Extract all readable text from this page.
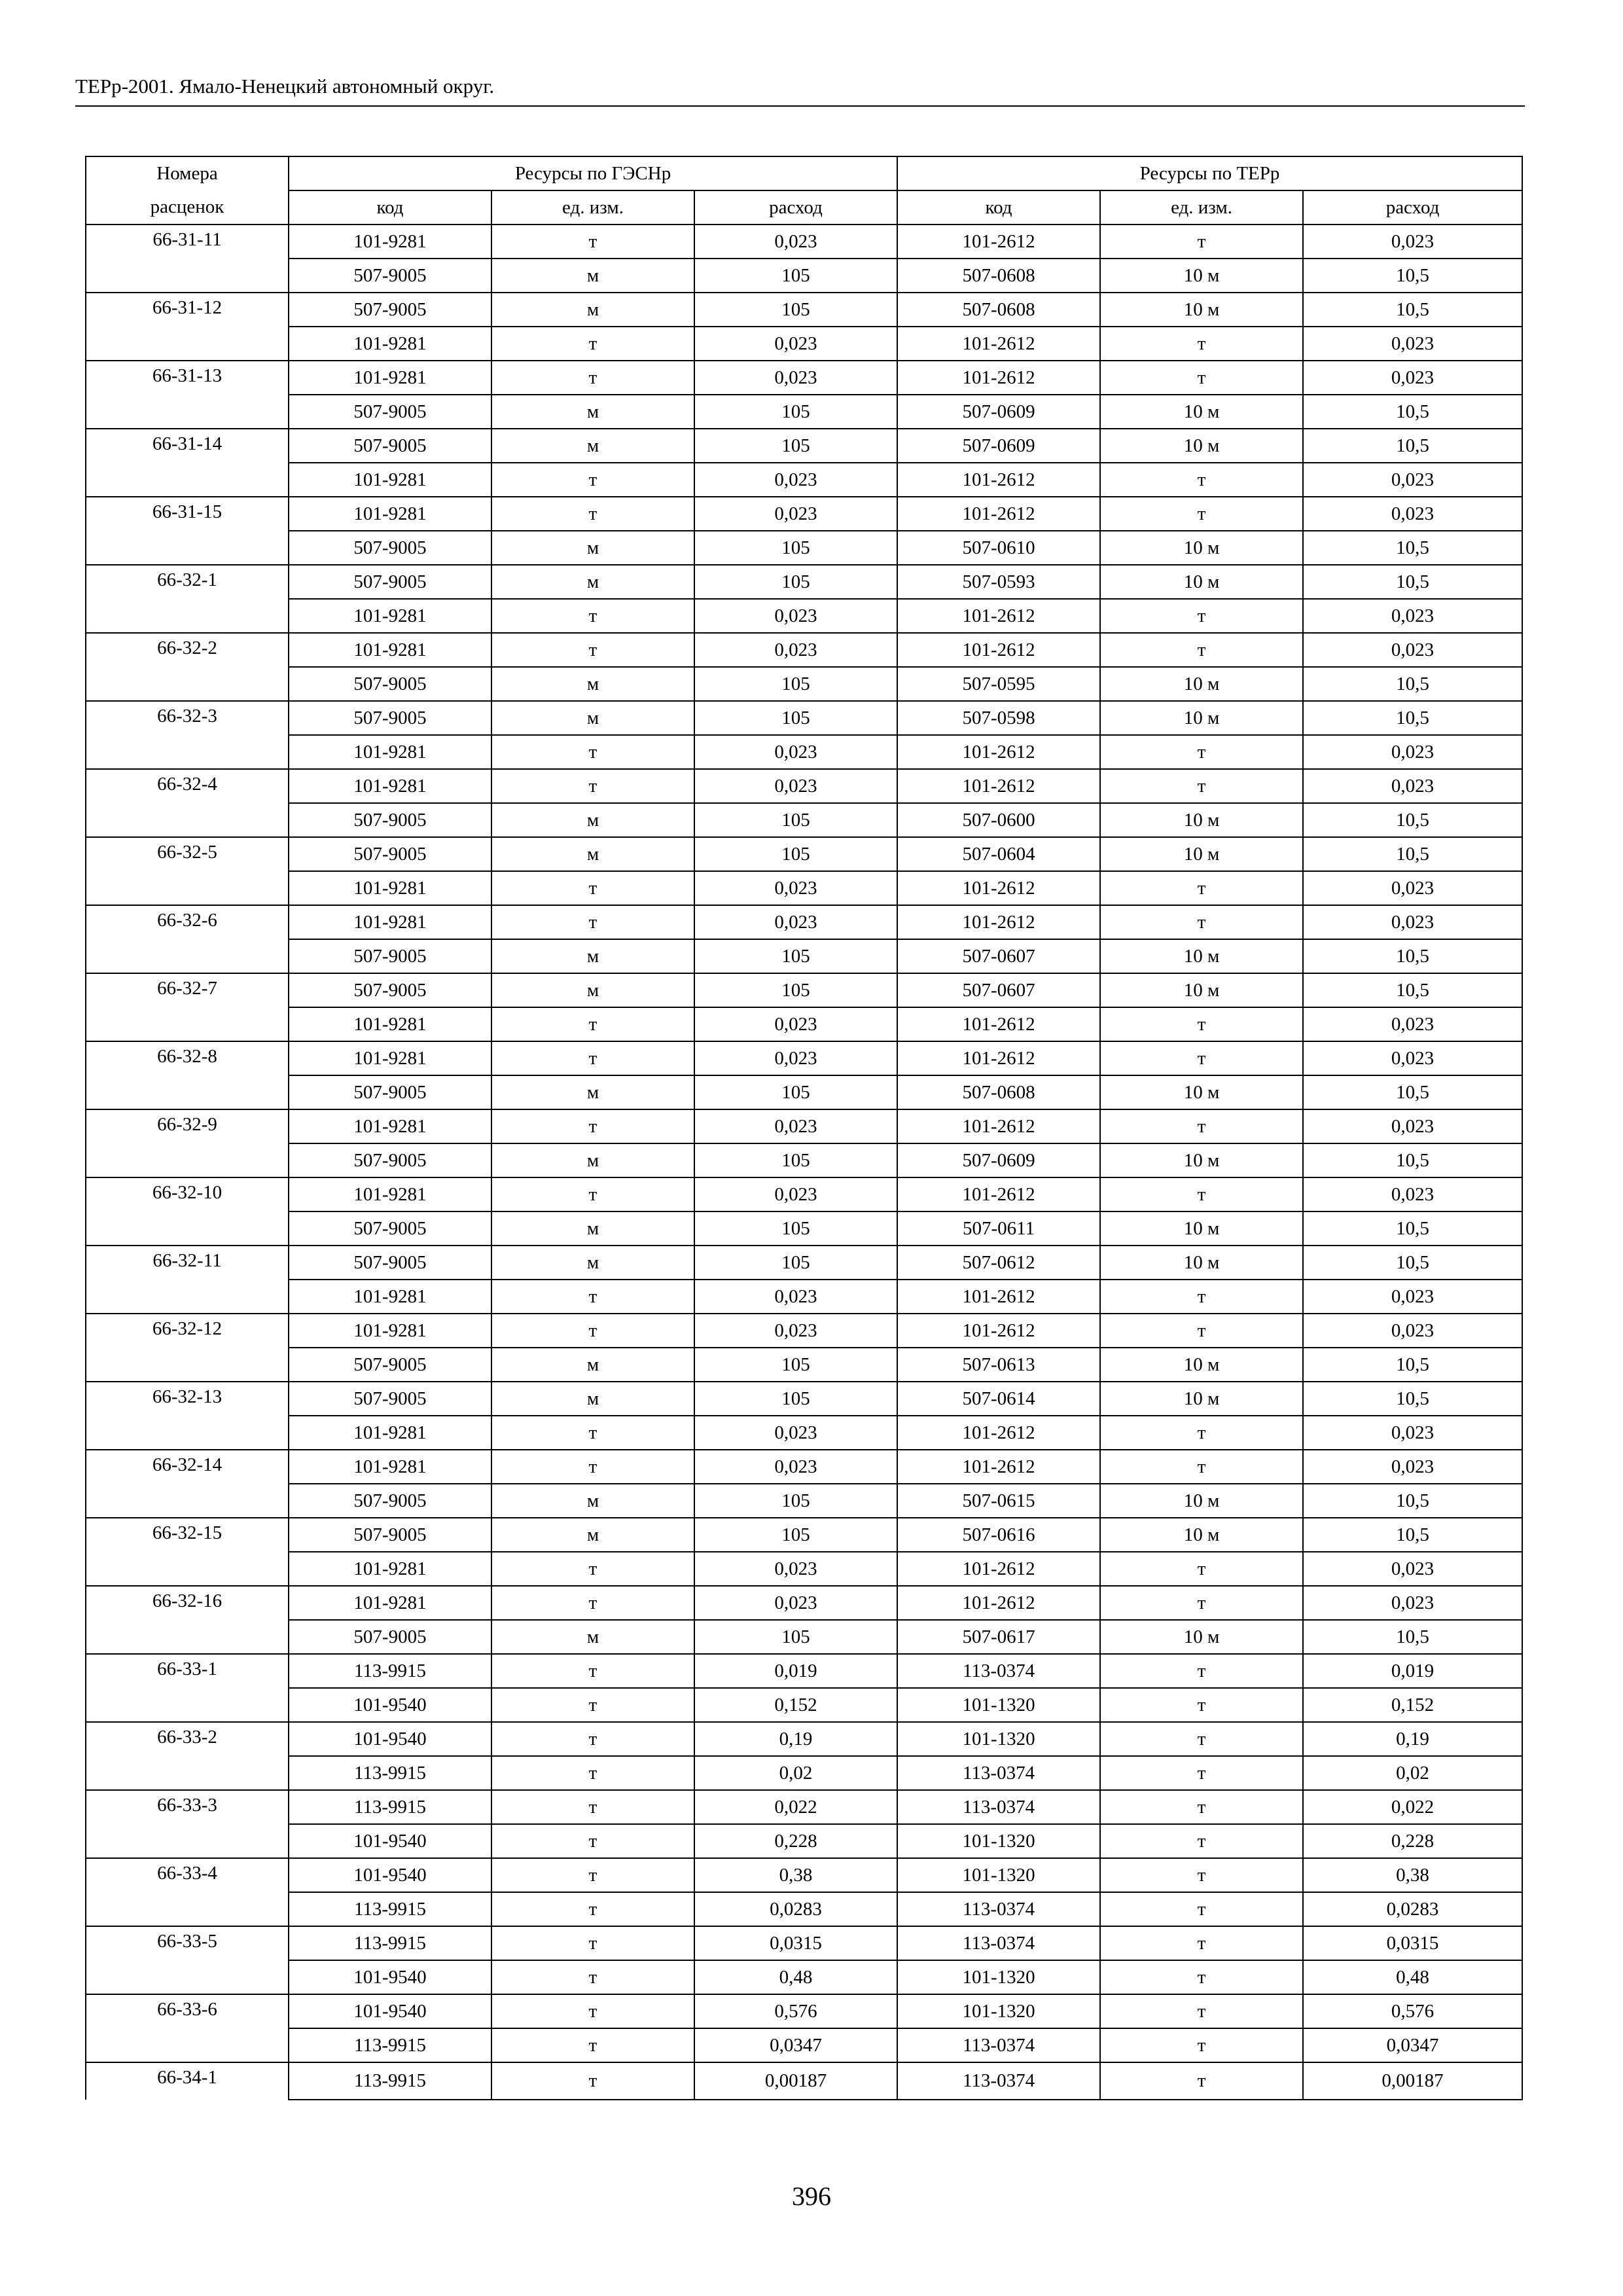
ТЕРр-2001. Ямало-Ненецкий автономный округ.
Номера	Ресурсы по ГЭСНр			Ресурсы по ТЕРр		
расценок	код	ед. изм.	расход	код	ед. изм.	расход
66-31-11	101-9281	т	0,023	101-2612	т	0,023
	507-9005	м	105	507-0608	10 м	10,5
66-31-12	507-9005	м	105	507-0608	10 м	10,5
	101-9281	т	0,023	101-2612	т	0,023
66-31-13	101-9281	т	0,023	101-2612	т	0,023
	507-9005	м	105	507-0609	10 м	10,5
66-31-14	507-9005	м	105	507-0609	10 м	10,5
	101-9281	т	0,023	101-2612	т	0,023
66-31-15	101-9281	т	0,023	101-2612	т	0,023
	507-9005	м	105	507-0610	10 м	10,5
66-32-1	507-9005	м	105	507-0593	10 м	10,5
	101-9281	т	0,023	101-2612	т	0,023
66-32-2	101-9281	т	0,023	101-2612	т	0,023
	507-9005	м	105	507-0595	10 м	10,5
66-32-3	507-9005	м	105	507-0598	10 м	10,5
	101-9281	т	0,023	101-2612	т	0,023
66-32-4	101-9281	т	0,023	101-2612	т	0,023
	507-9005	м	105	507-0600	10 м	10,5
66-32-5	507-9005	м	105	507-0604	10 м	10,5
	101-9281	т	0,023	101-2612	т	0,023
66-32-6	101-9281	т	0,023	101-2612	т	0,023
	507-9005	м	105	507-0607	10 м	10,5
66-32-7	507-9005	м	105	507-0607	10 м	10,5
	101-9281	т	0,023	101-2612	т	0,023
66-32-8	101-9281	т	0,023	101-2612	т	0,023
	507-9005	м	105	507-0608	10 м	10,5
66-32-9	101-9281	т	0,023	101-2612	т	0,023
	507-9005	м	105	507-0609	10 м	10,5
66-32-10	101-9281	т	0,023	101-2612	т	0,023
	507-9005	м	105	507-0611	10 м	10,5
66-32-11	507-9005	м	105	507-0612	10 м	10,5
	101-9281	т	0,023	101-2612	т	0,023
66-32-12	101-9281	т	0,023	101-2612	т	0,023
	507-9005	м	105	507-0613	10 м	10,5
66-32-13	507-9005	м	105	507-0614	10 м	10,5
	101-9281	т	0,023	101-2612	т	0,023
66-32-14	101-9281	т	0,023	101-2612	т	0,023
	507-9005	м	105	507-0615	10 м	10,5
66-32-15	507-9005	м	105	507-0616	10 м	10,5
	101-9281	т	0,023	101-2612	т	0,023
66-32-16	101-9281	т	0,023	101-2612	т	0,023
	507-9005	м	105	507-0617	10 м	10,5
66-33-1	113-9915	т	0,019	113-0374	т	0,019
	101-9540	т	0,152	101-1320	т	0,152
66-33-2	101-9540	т	0,19	101-1320	т	0,19
	113-9915	т	0,02	113-0374	т	0,02
66-33-3	113-9915	т	0,022	113-0374	т	0,022
	101-9540	т	0,228	101-1320	т	0,228
66-33-4	101-9540	т	0,38	101-1320	т	0,38
	113-9915	т	0,0283	113-0374	т	0,0283
66-33-5	113-9915	т	0,0315	113-0374	т	0,0315
	101-9540	т	0,48	101-1320	т	0,48
66-33-6	101-9540	т	0,576	101-1320	т	0,576
	113-9915	т	0,0347	113-0374	т	0,0347
66-34-1	113-9915	т	0,00187	113-0374	т	0,00187
396
